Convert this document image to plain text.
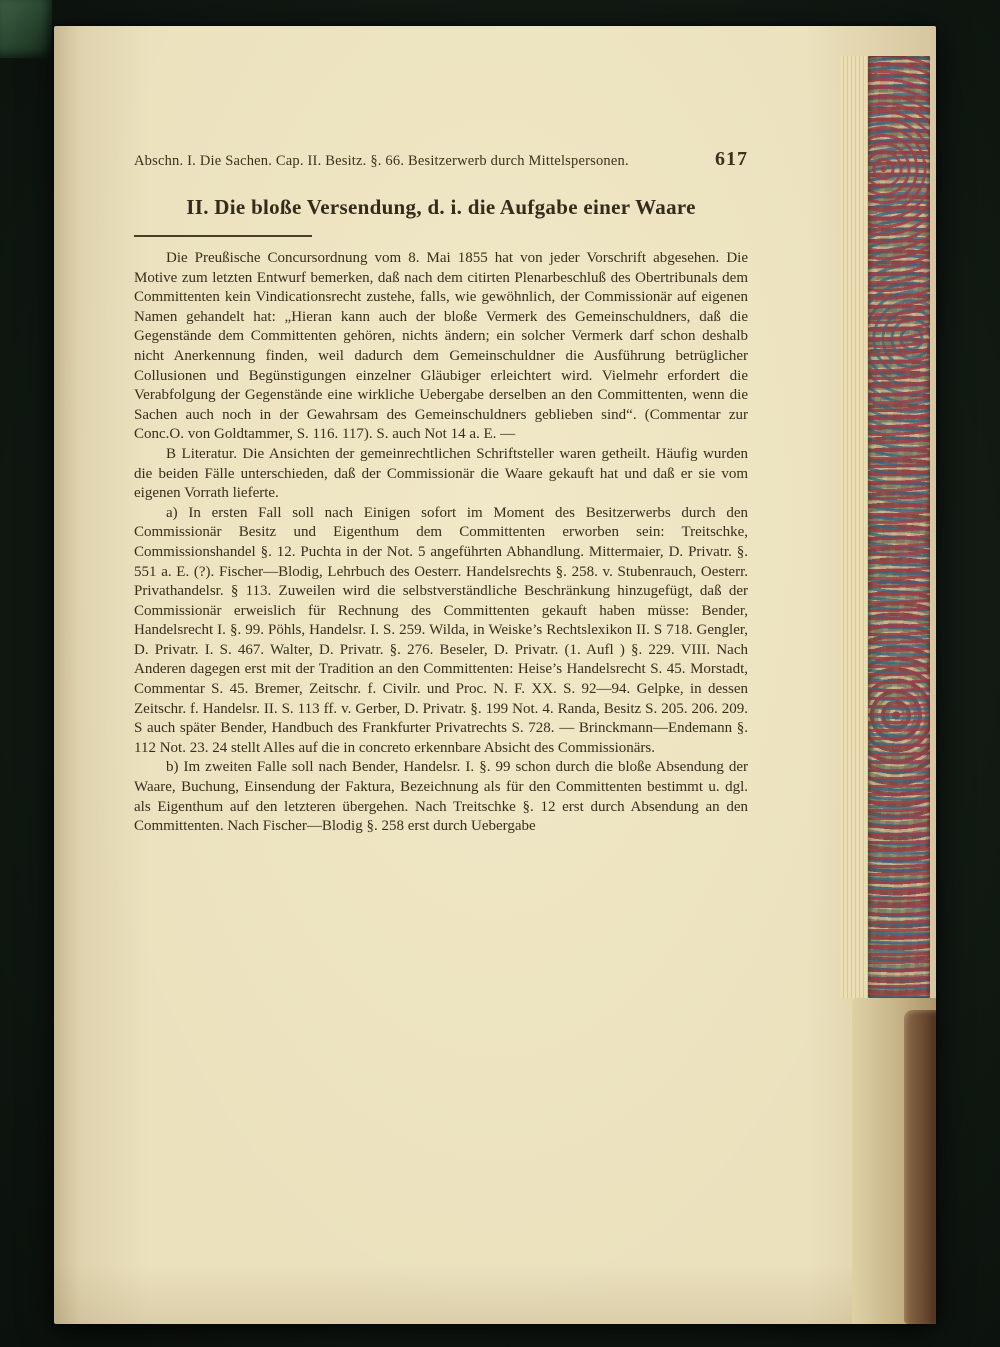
Abschn. I. Die Sachen. Cap. II. Besitz. §. 66. Besitzerwerb durch Mittelspersonen.	617
II. Die bloße Versendung, d. i. die Aufgabe einer Waare

Die Preußische Concursordnung vom 8. Mai 1855 hat von jeder Vorschrift abgesehen. Die Motive zum letzten Entwurf bemerken, daß nach dem citirten Plenarbeschluß des Obertribunals dem Committenten kein Vindicationsrecht zustehe, falls, wie gewöhnlich, der Commissionär auf eigenen Namen gehandelt hat: „Hieran kann auch der bloße Vermerk des Gemeinschuldners, daß die Gegenstände dem Committenten gehören, nichts ändern; ein solcher Vermerk darf schon deshalb nicht Anerkennung finden, weil dadurch dem Gemeinschuldner die Ausführung betrüglicher Collusionen und Begünstigungen einzelner Gläubiger erleichtert wird. Vielmehr erfordert die Verabfolgung der Gegenstände eine wirkliche Uebergabe derselben an den Committenten, wenn die Sachen auch noch in der Gewahrsam des Gemeinschuldners geblieben sind“. (Commentar zur Conc.O. von Goldtammer, S. 116. 117). S. auch Not 14 a. E. —

B Literatur. Die Ansichten der gemeinrechtlichen Schriftsteller waren getheilt. Häufig wurden die beiden Fälle unterschieden, daß der Commissionär die Waare gekauft hat und daß er sie vom eigenen Vorrath lieferte.

a) In ersten Fall soll nach Einigen sofort im Moment des Besitzerwerbs durch den Commissionär Besitz und Eigenthum dem Committenten erworben sein: Treitschke, Commissionshandel §. 12. Puchta in der Not. 5 angeführten Abhandlung. Mittermaier, D. Privatr. §. 551 a. E. (?). Fischer—Blodig, Lehrbuch des Oesterr. Handelsrechts §. 258. v. Stubenrauch, Oesterr. Privathandelsr. § 113. Zuweilen wird die selbstverständliche Beschränkung hinzugefügt, daß der Commissionär erweislich für Rechnung des Committenten gekauft haben müsse: Bender, Handelsrecht I. §. 99. Pöhls, Handelsr. I. S. 259. Wilda, in Weiske’s Rechtslexikon II. S 718. Gengler, D. Privatr. I. S. 467. Walter, D. Privatr. §. 276. Beseler, D. Privatr. (1. Aufl ) §. 229. VIII. Nach Anderen dagegen erst mit der Tradition an den Committenten: Heise’s Handelsrecht S. 45. Morstadt, Commentar S. 45. Bremer, Zeitschr. f. Civilr. und Proc. N. F. XX. S. 92—94. Gelpke, in dessen Zeitschr. f. Handelsr. II. S. 113 ff. v. Gerber, D. Privatr. §. 199 Not. 4. Randa, Besitz S. 205. 206. 209. S auch später Bender, Handbuch des Frankfurter Privatrechts S. 728. — Brinckmann—Endemann §. 112 Not. 23. 24 stellt Alles auf die in concreto erkennbare Absicht des Commissionärs.

b) Im zweiten Falle soll nach Bender, Handelsr. I. §. 99 schon durch die bloße Absendung der Waare, Buchung, Einsendung der Faktura, Bezeichnung als für den Committenten bestimmt u. dgl. als Eigenthum auf den letzteren übergehen. Nach Treitschke §. 12 erst durch Absendung an den Committenten. Nach Fischer—Blodig §. 258 erst durch Uebergabe
